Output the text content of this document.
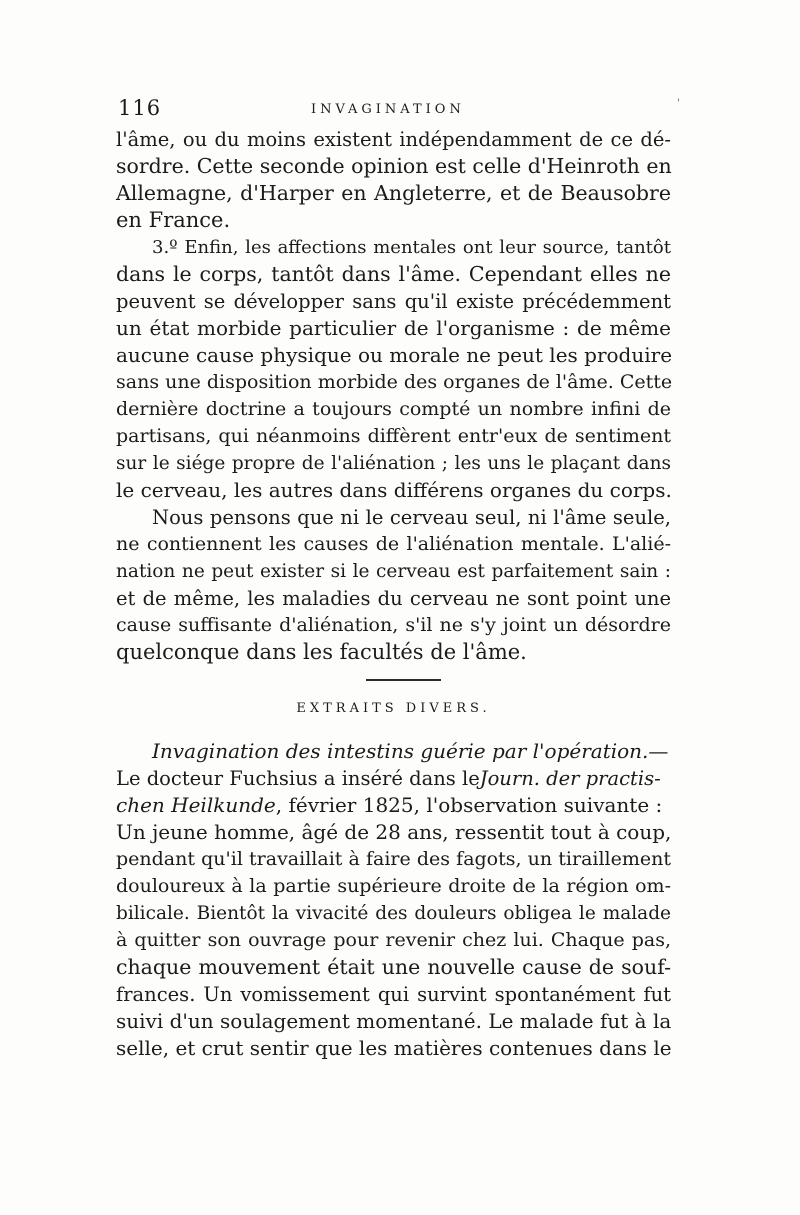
116	INVAGINATION	'
l'âme, ou du moins existent indépendamment de ce dé-
sordre. Cette seconde opinion est celle d'Heinroth en
Allemagne, d'Harper en Angleterre, et de Beausobre
en France.
3.º Enfin, les affections mentales ont leur source, tantôt
dans le corps, tantôt dans l'âme. Cependant elles ne
peuvent se développer sans qu'il existe précédemment
un état morbide particulier de l'organisme : de même
aucune cause physique ou morale ne peut les produire
sans une disposition morbide des organes de l'âme. Cette
dernière doctrine a toujours compté un nombre infini de
partisans, qui néanmoins diffèrent entr'eux de sentiment
sur le siége propre de l'aliénation ; les uns le plaçant dans
le cerveau, les autres dans différens organes du corps.
Nous pensons que ni le cerveau seul, ni l'âme seule,
ne contiennent les causes de l'aliénation mentale. L'alié-
nation ne peut exister si le cerveau est parfaitement sain :
et de même, les maladies du cerveau ne sont point une
cause suffisante d'aliénation, s'il ne s'y joint un désordre
quelconque dans les facultés de l'âme.
EXTRAITS DIVERS.
Invagination des intestins guérie par l'opération.—
Le docteur Fuchsius a inséré dans leJourn. der practis-
chen Heilkunde, février 1825, l'observation suivante :
Un jeune homme, âgé de 28 ans, ressentit tout à coup,
pendant qu'il travaillait à faire des fagots, un tiraillement
douloureux à la partie supérieure droite de la région om-
bilicale. Bientôt la vivacité des douleurs obligea le malade
à quitter son ouvrage pour revenir chez lui. Chaque pas,
chaque mouvement était une nouvelle cause de souf-
frances. Un vomissement qui survint spontanément fut
suivi d'un soulagement momentané. Le malade fut à la
selle, et crut sentir que les matières contenues dans le
